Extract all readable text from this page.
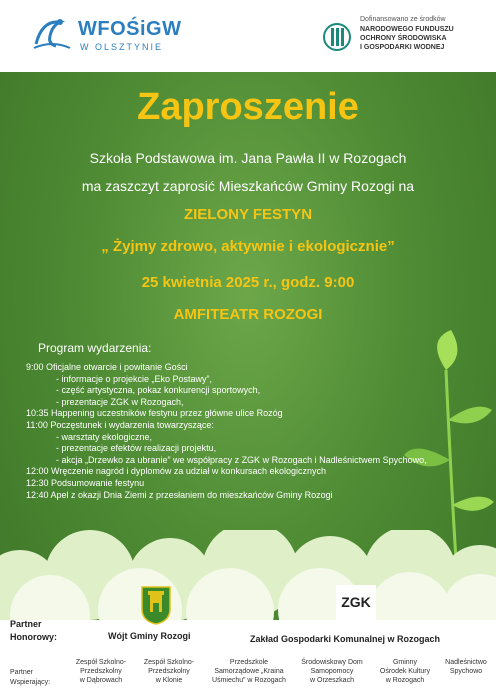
WFOŚiGW
W OLSZTYNIE
Dofinansowano ze środków
NARODOWEGO FUNDUSZU
OCHRONY ŚRODOWISKA
I GOSPODARKI WODNEJ
Zaproszenie
Szkoła Podstawowa im. Jana Pawła II w Rozogach
ma zaszczyt zaprosić Mieszkańców Gminy Rozogi na
ZIELONY FESTYN
„ Żyjmy zdrowo, aktywnie i ekologicznie”
25 kwietnia 2025 r., godz. 9:00
AMFITEATR ROZOGI
Program wydarzenia:
9:00 Oficjalne otwarcie i powitanie Gości
- informacje o projekcie „Eko Postawy”,
- część artystyczna, pokaz konkurencji sportowych,
- prezentacje ZGK w Rozogach,
10:35 Happening uczestników festynu przez główne ulice Rozóg
11:00 Poczęstunek i wydarzenia towarzyszące:
- warsztaty ekologiczne,
- prezentacje efektów realizacji projektu,
- akcja „Drzewko za ubranie” we współpracy z ZGK w Rozogach i Nadleśnictwem Spychowo,
12:00 Wręczenie nagród i dyplomów za udział w konkursach ekologicznych
12:30 Podsumowanie festynu
12:40 Apel z okazji Dnia Ziemi z przesłaniem do mieszkańców Gminy Rozogi
ZGK
Partner
Honorowy:	Wójt Gminy Rozogi	Zakład Gospodarki Komunalnej w Rozogach
Partner
Wspierający:
Zespół Szkolno-
Przedszkolny
w Dąbrowach
Zespół Szkolno-
Przedszkolny
w Klonie
Przedszkole
Samorządowe „Kraina
Uśmiechu” w Rozogach
Środowiskowy Dom
Samopomocy
w Orzeszkach
Gminny
Ośrodek Kultury
w Rozogach
Nadleśnictwo
Spychowo
